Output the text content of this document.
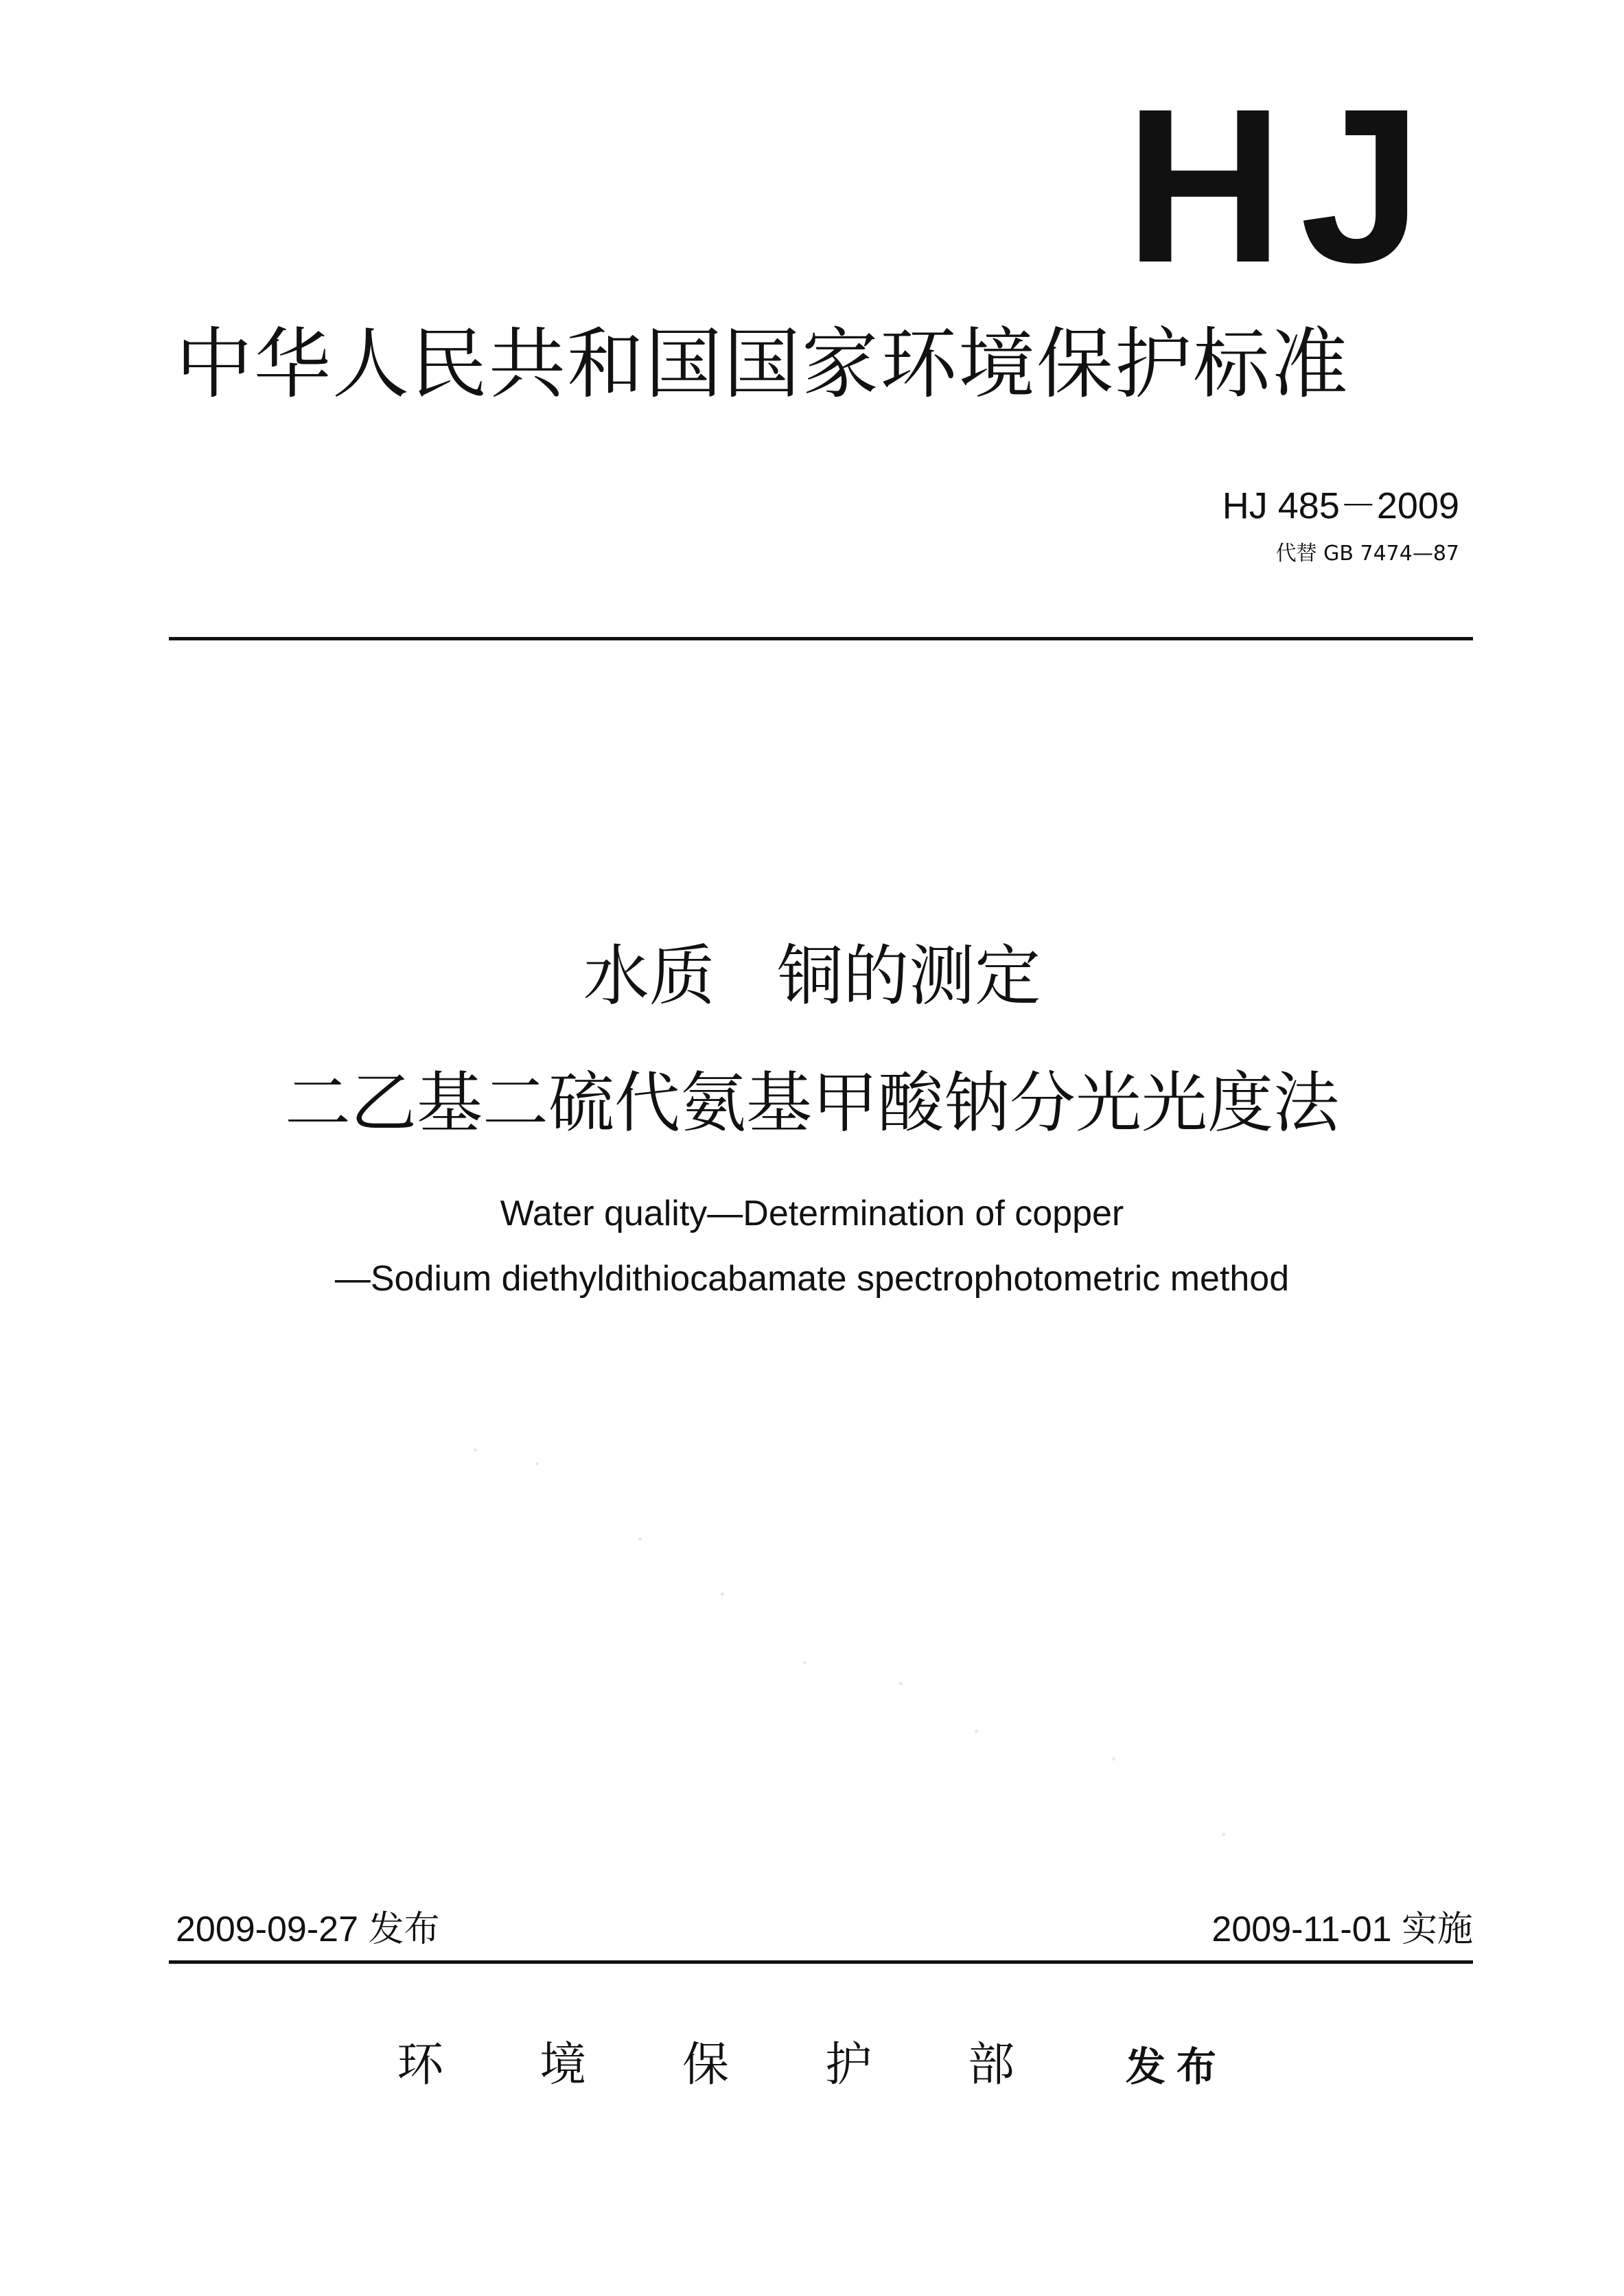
HJ
中华人民共和国国家环境保护标准
HJ 485－2009
代替 GB 7474—87
水质 铜的测定
二乙基二硫代氨基甲酸钠分光光度法
Water quality—Determination of copper
—Sodium diethyldithiocabamate spectrophotometric method
2009-09-27 发布	2009-11-01 实施
环境保护部 发布
